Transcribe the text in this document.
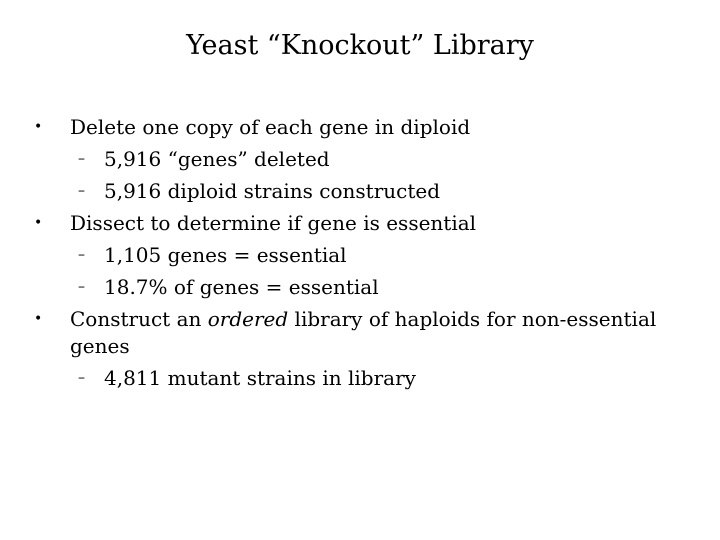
Yeast “Knockout” Library
•	Delete one copy of each gene in diploid
– 5,916 “genes” deleted
– 5,916 diploid strains constructed
•	Dissect to determine if gene is essential
– 1,105 genes = essential
– 18.7% of genes = essential
•	Construct an ordered library of haploids for non-essential genes
– 4,811 mutant strains in library
